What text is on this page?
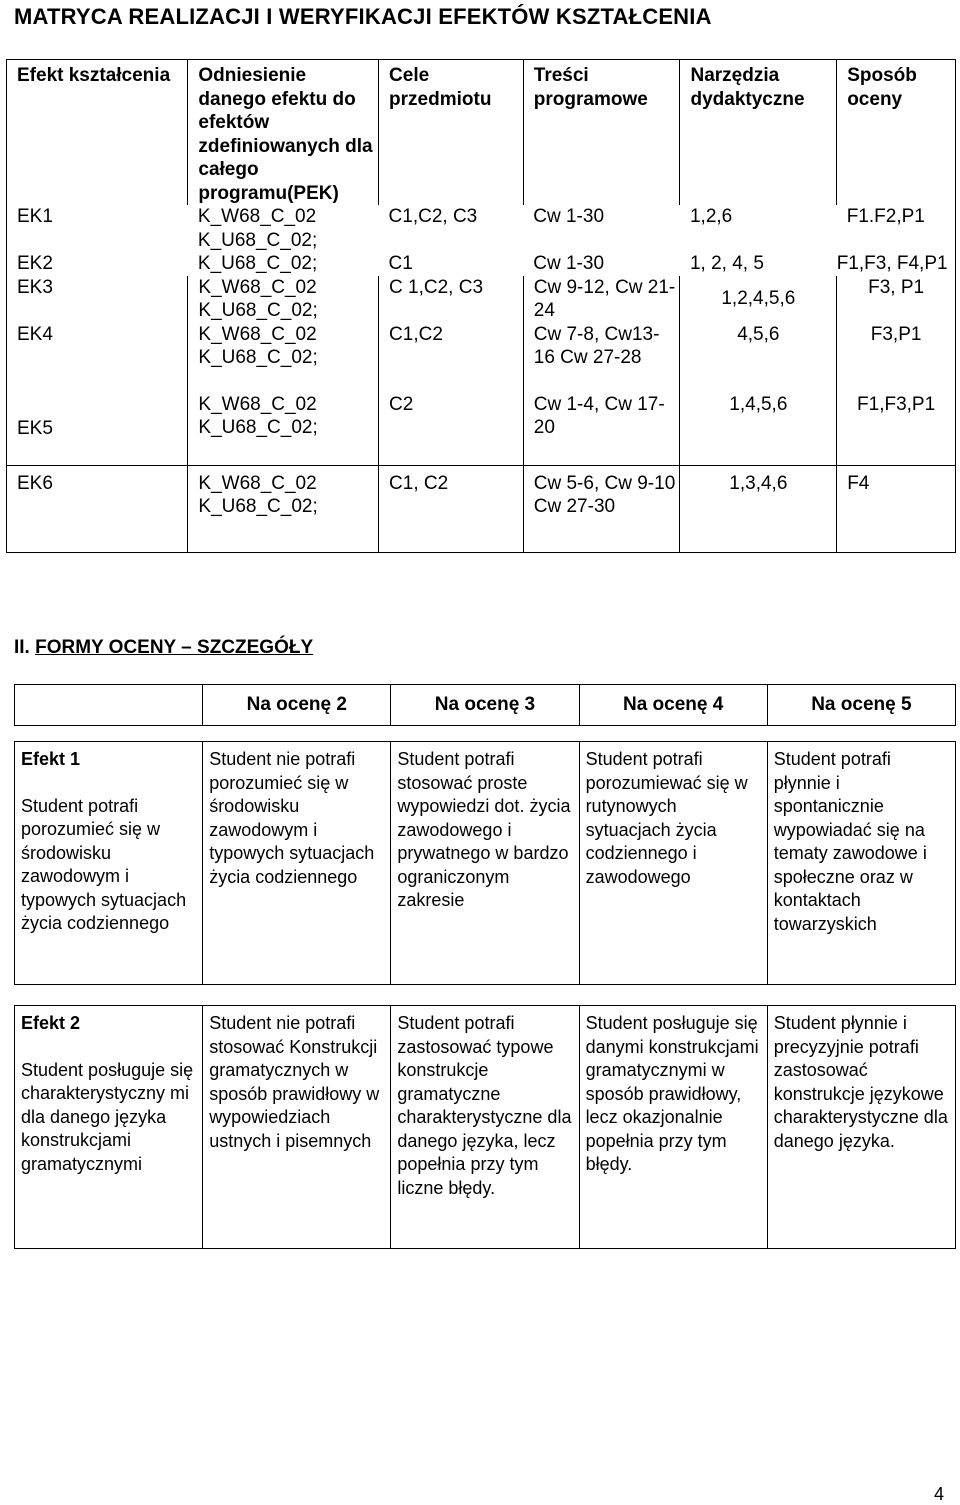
MATRYCA REALIZACJI I WERYFIKACJI EFEKTÓW KSZTAŁCENIA
Efekt kształcenia	Odniesienie danego efektu do efektów zdefiniowanych dla całego programu(PEK)	Cele przedmiotu	Treści programowe	Narzędzia dydaktyczne	Sposób oceny
EK1	K_W68_C_02 K_U68_C_02;	C1,C2, C3	Cw 1-30	1,2,6	F1.F2,P1
EK2	K_U68_C_02;	C1	Cw 1-30	1, 2, 4, 5	F1,F3, F4,P1
EK3	K_W68_C_02 K_U68_C_02;	C 1,C2, C3	Cw 9-12, Cw 21-24	1,2,4,5,6	F3, P1
EK4	K_W68_C_02 K_U68_C_02;	C1,C2	Cw 7-8, Cw13-16 Cw 27-28	4,5,6	F3,P1
EK5	K_W68_C_02 K_U68_C_02;	C2	Cw 1-4, Cw 17-20	1,4,5,6	F1,F3,P1
EK6	K_W68_C_02 K_U68_C_02;	C1, C2	Cw 5-6, Cw 9-10 Cw 27-30	1,3,4,6	F4
II. FORMY OCENY – SZCZEGÓŁY
	Na ocenę 2	Na ocenę 3	Na ocenę 4	Na ocenę 5

Efekt 1
Student potrafi porozumieć się w środowisku zawodowym i typowych sytuacjach życia codziennego	Student nie potrafi porozumieć się w środowisku zawodowym i typowych sytuacjach życia codziennego	Student potrafi stosować proste wypowiedzi dot. życia zawodowego i prywatnego w bardzo ograniczonym zakresie	Student potrafi porozumiewać się w rutynowych sytuacjach życia codziennego i zawodowego	Student potrafi płynnie i spontanicznie wypowiadać się na tematy zawodowe i społeczne oraz w kontaktach towarzyskich

Efekt 2
Student posługuje się charakterystyczny mi dla danego języka konstrukcjami gramatycznymi	Student nie potrafi stosować Konstrukcji gramatycznych w sposób prawidłowy w wypowiedziach ustnych i pisemnych	Student potrafi zastosować typowe konstrukcje gramatyczne charakterystyczne dla danego języka, lecz popełnia przy tym liczne błędy.	Student posługuje się danymi konstrukcjami gramatycznymi w sposób prawidłowy, lecz okazjonalnie popełnia przy tym błędy.	Student płynnie i precyzyjnie potrafi zastosować konstrukcje językowe charakterystyczne dla danego języka.
4
